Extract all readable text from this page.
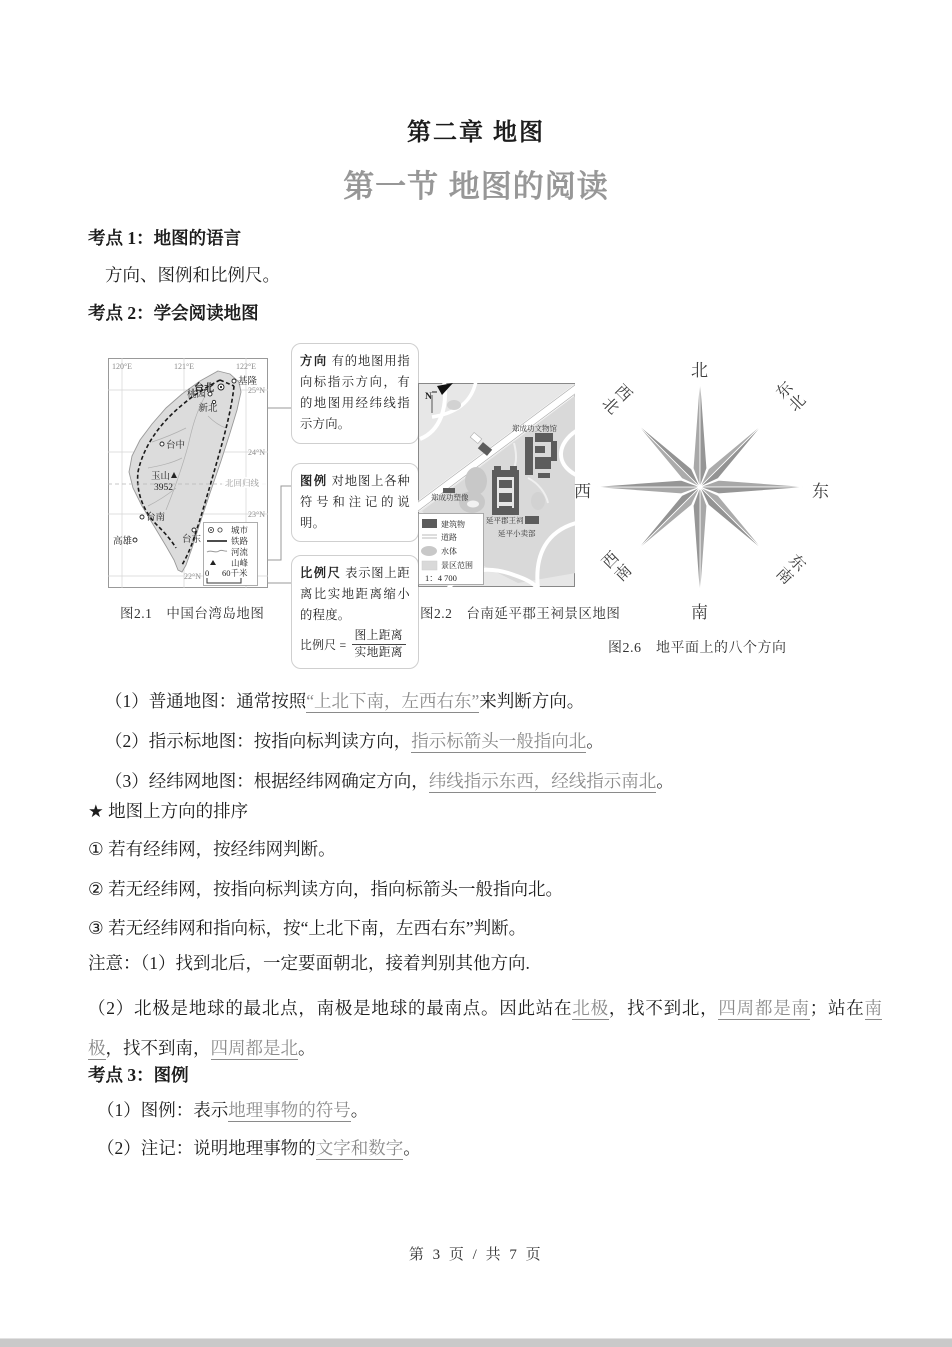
第二章 地图
第一节 地图的阅读
考点 1：地图的语言
方向、图例和比例尺。
考点 2：学会阅读地图
北回归线
120°E	121°E	122°E
25°N
24°N
23°N
22°N
台北
基隆
桃园
新北
台中
玉山
3952
台南
高雄	台东
城市
铁路
河流
山峰
0 60千米
方向 有的地图用指向标指示方向，有的地图用经纬线指示方向。
图例 对地图上各种符号和注记的说明。
比例尺 表示图上距离比实地距离缩小的程度。
比例尺 = $\frac{\text{图上距离}}{\text{实地距离}}$
郑成功文物馆
延平郡王祠
延平小卖部
郑成功塑像
N
建筑物
道路
水体
景区范围
1：4 700
图2.1　中国台湾岛地图	图2.2　台南延平郡王祠景区地图
北
南
东
西
东北
西北
东南
西南
图2.6　地平面上的八个方向
（1）普通地图：通常按照“上北下南，左西右东”来判断方向。
（2）指示标地图：按指向标判读方向，指示标箭头一般指向北。
（3）经纬网地图：根据经纬网确定方向，纬线指示东西，经线指示南北。
★ 地图上方向的排序
① 若有经纬网，按经纬网判断。
② 若无经纬网，按指向标判读方向，指向标箭头一般指向北。
③ 若无经纬网和指向标，按“上北下南，左西右东”判断。
注意：（1）找到北后，一定要面朝北，接着判别其他方向.
（2）北极是地球的最北点，南极是地球的最南点。因此站在北极，找不到北，四周都是南；站在南极，找不到南，四周都是北。
考点 3：图例
（1）图例：表示地理事物的符号。
（2）注记：说明地理事物的文字和数字。
第 3 页 / 共 7 页
